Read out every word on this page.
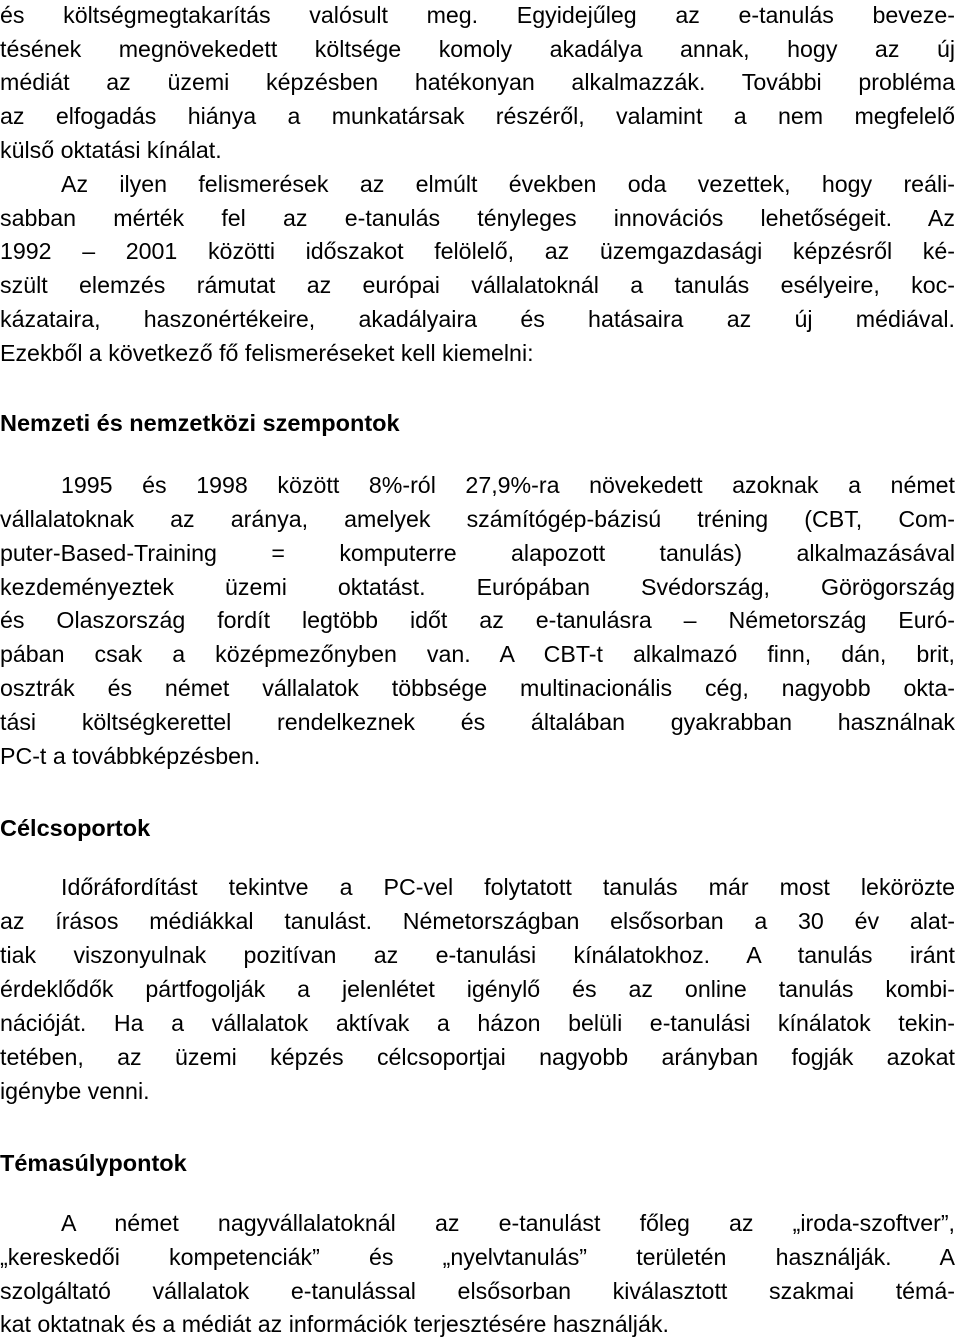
és költségmegtakarítás valósult meg. Egyidejűleg az e-tanulás beveze-
tésének megnövekedett költsége komoly akadálya annak, hogy az új
médiát az üzemi képzésben hatékonyan alkalmazzák. További probléma
az elfogadás hiánya a munkatársak részéről, valamint a nem megfelelő
külső oktatási kínálat.
Az ilyen felismerések az elmúlt években oda vezettek, hogy reáli-
sabban mérték fel az e-tanulás tényleges innovációs lehetőségeit. Az
1992 – 2001 közötti időszakot felölelő, az üzemgazdasági képzésről ké-
szült elemzés rámutat az európai vállalatoknál a tanulás esélyeire, koc-
kázataira, haszonértékeire, akadályaira és hatásaira az új médiával.
Ezekből a következő fő felismeréseket kell kiemelni:
Nemzeti és nemzetközi szempontok
1995 és 1998 között 8%-ról 27,9%-ra növekedett azoknak a német
vállalatoknak az aránya, amelyek számítógép-bázisú tréning (CBT, Com-
puter-Based-Training = komputerre alapozott tanulás) alkalmazásával
kezdeményeztek üzemi oktatást. Európában Svédország, Görögország
és Olaszország fordít legtöbb időt az e-tanulásra – Németország Euró-
pában csak a középmezőnyben van. A CBT-t alkalmazó finn, dán, brit,
osztrák és német vállalatok többsége multinacionális cég, nagyobb okta-
tási költségkerettel rendelkeznek és általában gyakrabban használnak
PC-t a továbbképzésben.
Célcsoportok
Időráfordítást tekintve a PC-vel folytatott tanulás már most lekörözte
az írásos médiákkal tanulást. Németországban elsősorban a 30 év alat-
tiak viszonyulnak pozitívan az e-tanulási kínálatokhoz. A tanulás iránt
érdeklődők pártfogolják a jelenlétet igénylő és az online tanulás kombi-
nációját. Ha a vállalatok aktívak a házon belüli e-tanulási kínálatok tekin-
tetében, az üzemi képzés célcsoportjai nagyobb arányban fogják azokat
igénybe venni.
Témasúlypontok
A német nagyvállalatoknál az e-tanulást főleg az „iroda-szoftver”,
„kereskedői kompetenciák” és „nyelvtanulás” területén használják. A
szolgáltató vállalatok e-tanulással elsősorban kiválasztott szakmai témá-
kat oktatnak és a médiát az információk terjesztésére használják.
